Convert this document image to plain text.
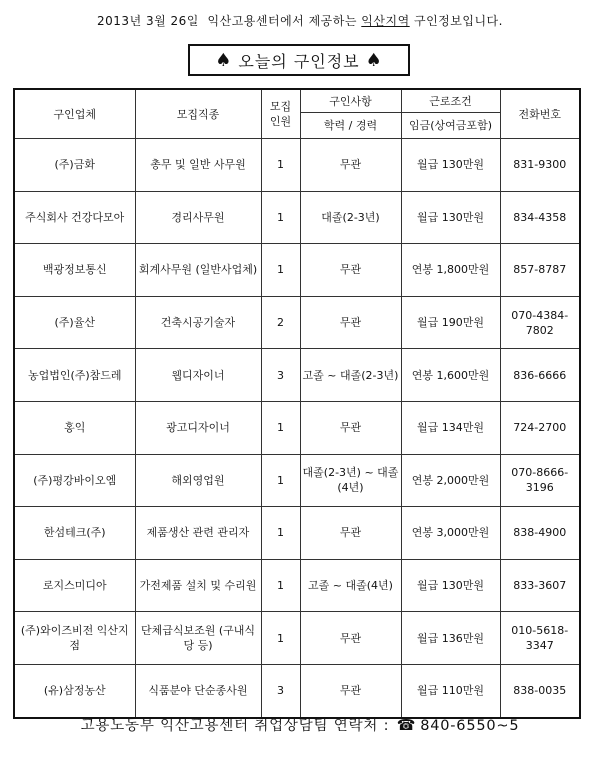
2013년 3월 26일 익산고용센터에서 제공하는 익산지역 구인정보입니다.
♠ 오늘의 구인정보 ♠
구인업체	모집직종	모집 인원	구인사항	근로조건	전화번호
			학력 / 경력	임금(상여금포함)	
(주)금화	총무 및 일반 사무원	1	무관	월급 130만원	831-9300
주식회사 건강다모아	경리사무원	1	대졸(2-3년)	월급 130만원	834-4358
백광정보통신	회계사무원 (일반사업체)	1	무관	연봉 1,800만원	857-8787
(주)율산	건축시공기술자	2	무관	월급 190만원	070-4384-7802
농업법인(주)참드레	웹디자이너	3	고졸 ~ 대졸(2-3년)	연봉 1,600만원	836-6666
홍익	광고디자이너	1	무관	월급 134만원	724-2700
(주)평강바이오엠	해외영업원	1	대졸(2-3년) ~ 대졸(4년)	연봉 2,000만원	070-8666-3196
한섬테크(주)	제품생산 관련 관리자	1	무관	연봉 3,000만원	838-4900
로지스미디아	가전제품 설치 및 수리원	1	고졸 ~ 대졸(4년)	월급 130만원	833-3607
(주)와이즈비전 익산지점	단체급식보조원 (구내식당 등)	1	무관	월급 136만원	010-5618-3347
(유)삼정농산	식품분야 단순종사원	3	무관	월급 110만원	838-0035
고용노동부 익산고용센터 취업상담팀 연락처 : ☎ 840-6550~5
